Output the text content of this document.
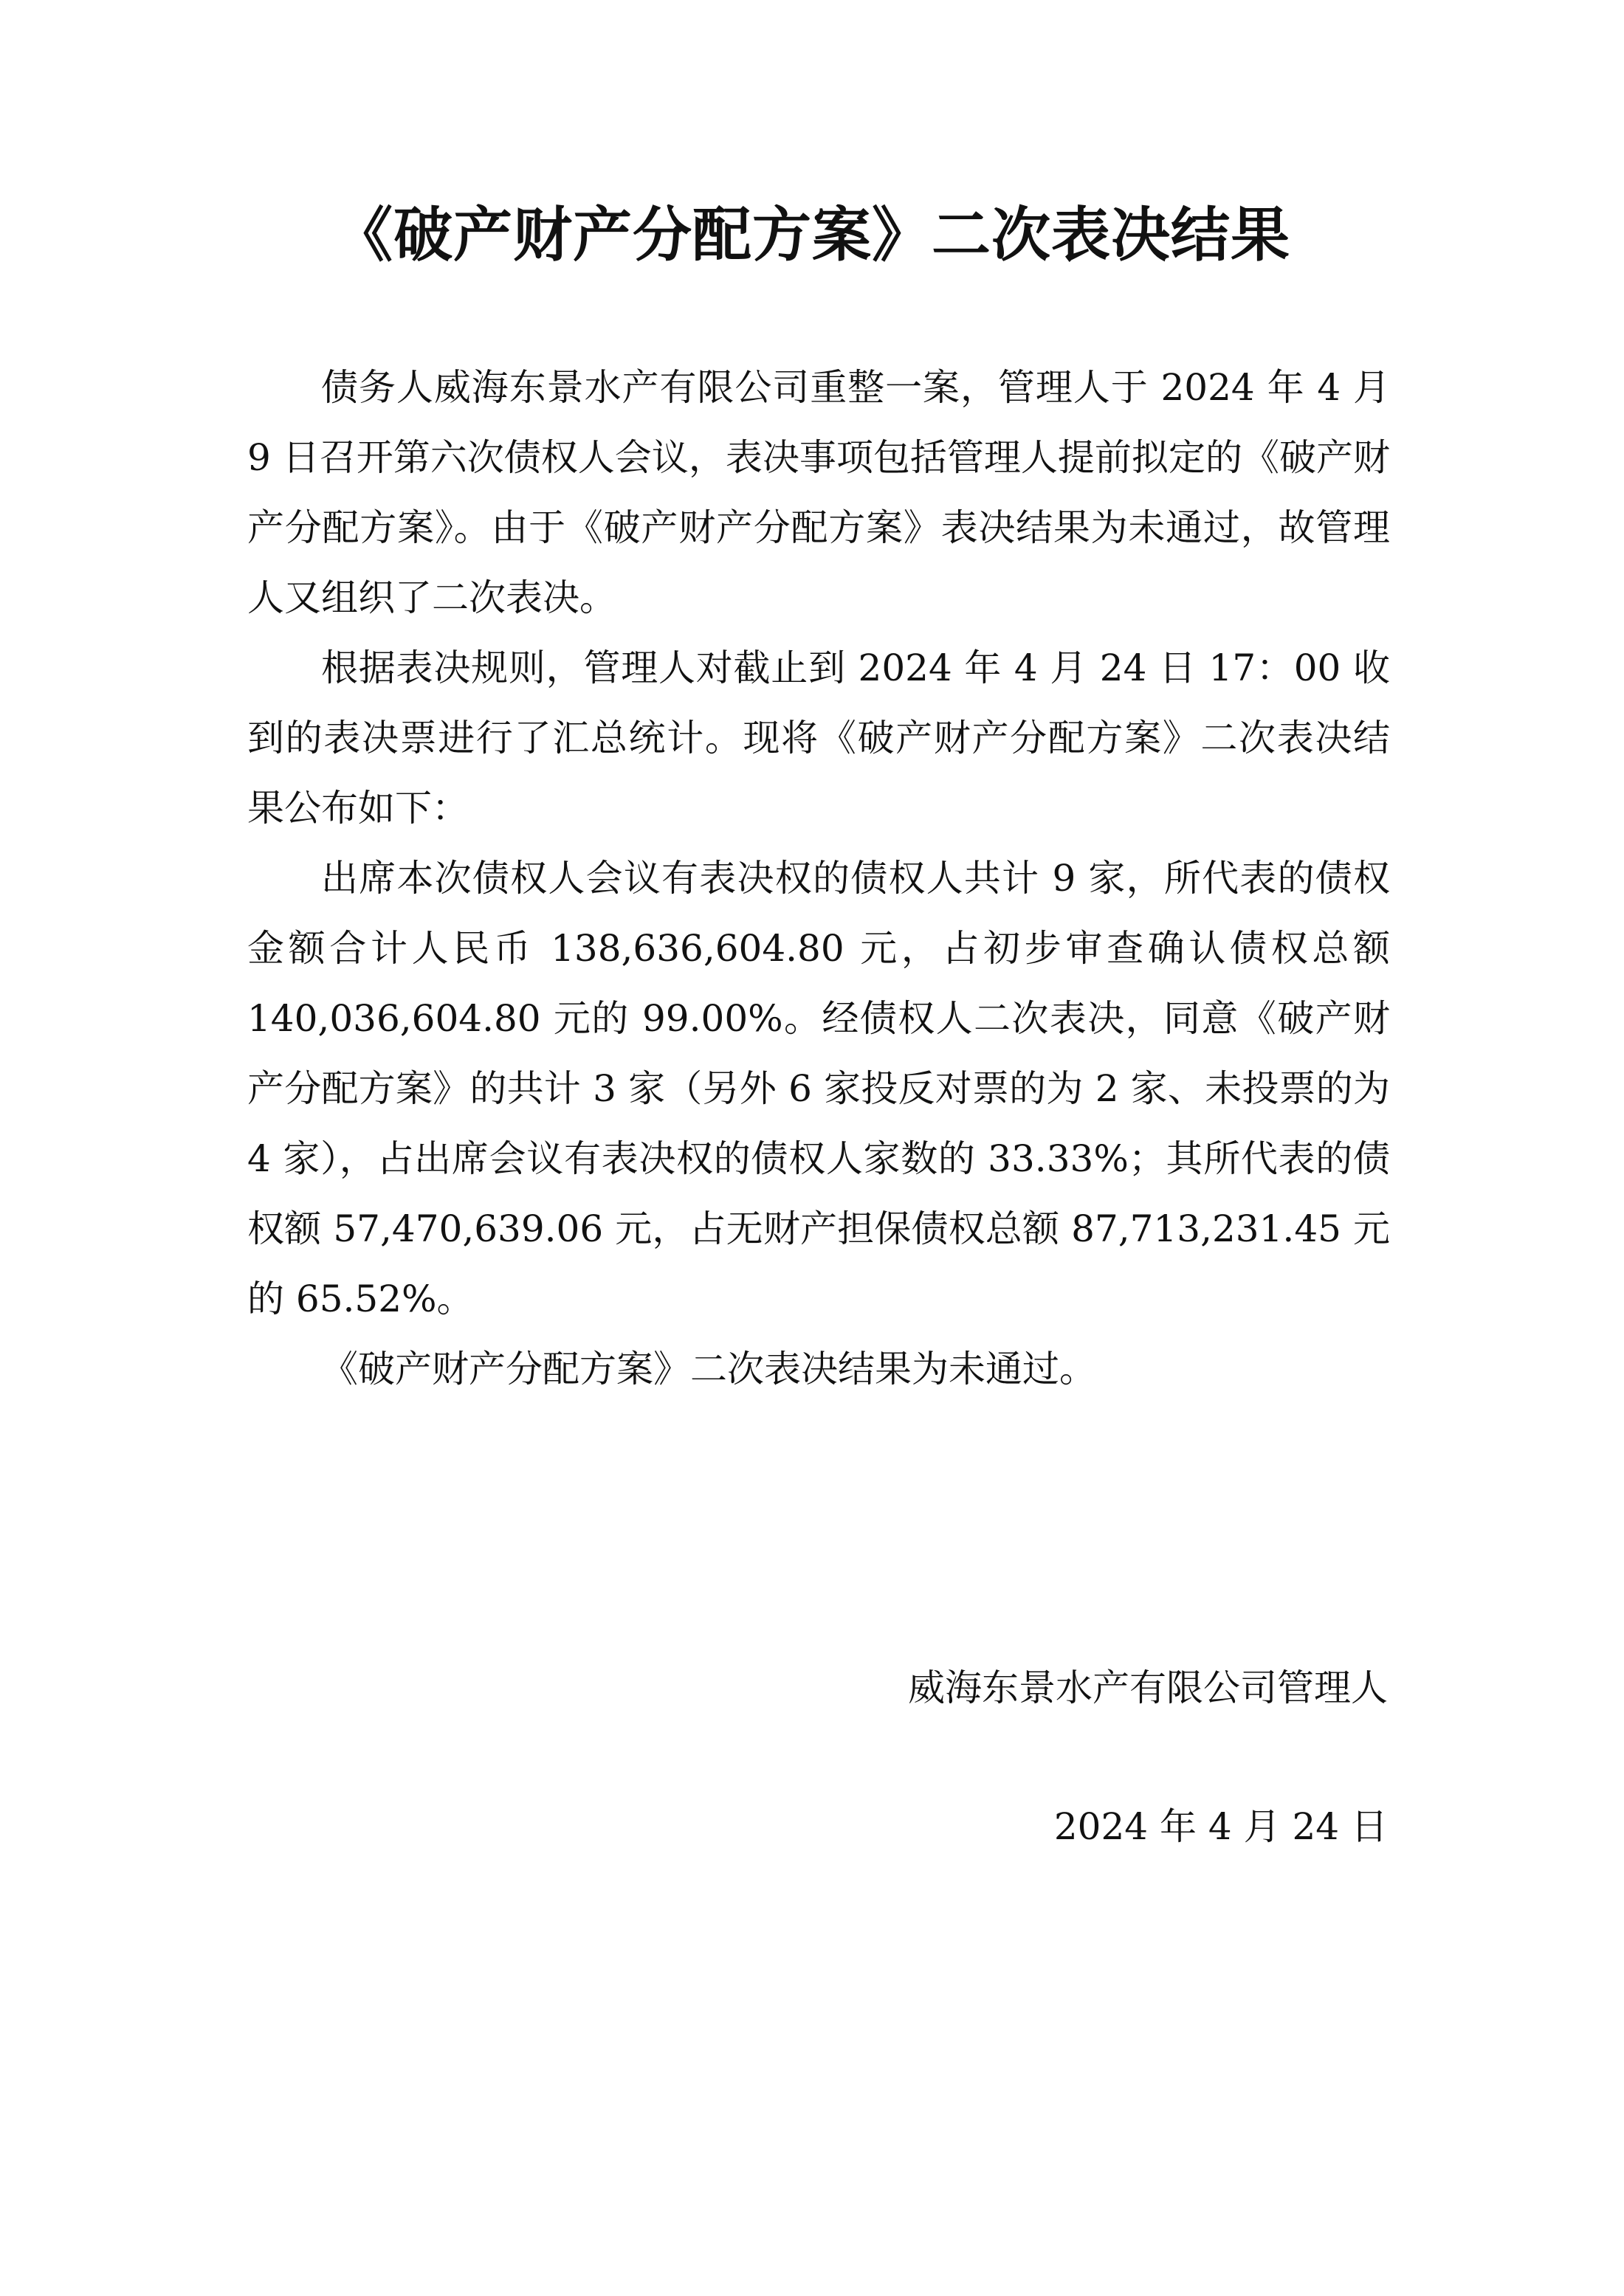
《破产财产分配方案》二次表决结果

债务人威海东景水产有限公司重整一案，管理人于 2024 年 4 月 9 日召开第六次债权人会议，表决事项包括管理人提前拟定的《破产财产分配方案》。由于《破产财产分配方案》表决结果为未通过，故管理人又组织了二次表决。

根据表决规则，管理人对截止到 2024 年 4 月 24 日 17：00 收到的表决票进行了汇总统计。现将《破产财产分配方案》二次表决结果公布如下：

出席本次债权人会议有表决权的债权人共计 9 家，所代表的债权金额合计人民币 138,636,604.80 元，占初步审查确认债权总额 140,036,604.80 元的 99.00%。经债权人二次表决，同意《破产财产分配方案》的共计 3 家（另外 6 家投反对票的为 2 家、未投票的为 4 家），占出席会议有表决权的债权人家数的 33.33%；其所代表的债权额 57,470,639.06 元，占无财产担保债权总额 87,713,231.45 元的 65.52%。

《破产财产分配方案》二次表决结果为未通过。

威海东景水产有限公司管理人
2024 年 4 月 24 日
